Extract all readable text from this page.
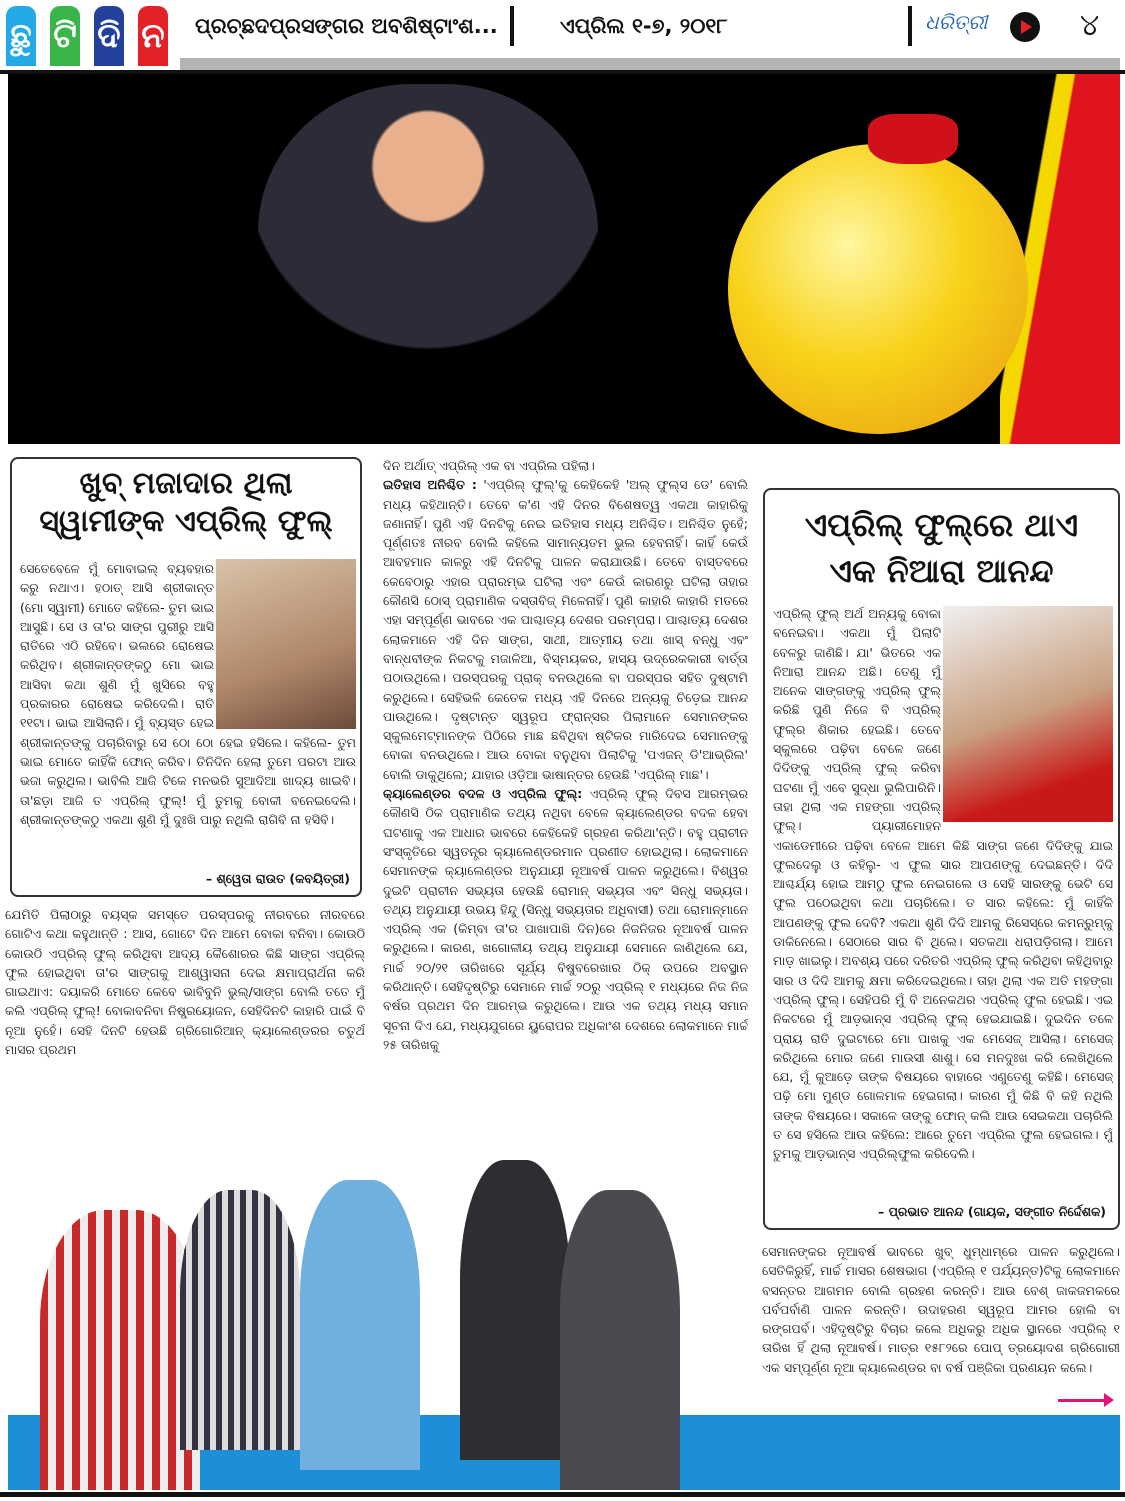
ଛୁ ଟି ଦି ନ ପ୍ରଚ୍ଛଦପ୍ରସଙ୍ଗର ଅବଶିଷ୍ଟାଂଶ...	ଏପ୍ରିଲ ୧-୭, ୨୦୧୮	ଧରିତ୍ରୀ	୪
ଖୁବ୍ ମଜାଦାର ଥିଲା
ସ୍ୱାମୀଙ୍କ ଏପ୍ରିଲ୍ ଫୁଲ୍
ସେତେବେଳେ ମୁଁ ମୋବାଇଲ୍ ବ୍ୟବହାର କରୁ ନଥାଏ। ହଠାତ୍ ଆସି ଶ୍ରୀକାନ୍ତ (ମୋ ସ୍ୱାମୀ) ମୋତେ କହିଲେ- ତୁମ ଭାଇ ଆସୁଛି। ସେ ଓ ତା'ର ସାଙ୍ଗ ପୁରୀରୁ ଆସି ରାତିରେ ଏଠି ରହିବେ। ଭଲରେ ରୋଷେଇ କରିଥିବ। ଶ୍ରୀକାନ୍ତଙ୍କଠୁ ମୋ ଭାଇ ଆସିବା କଥା ଶୁଣି ମୁଁ ଖୁସିରେ ବହୁ ପ୍ରକାରର ରୋଷେଇ କରିଦେଲି। ରାତି ୧୧ଟା। ଭାଇ ଆସିଲାନି। ମୁଁ ବ୍ୟସ୍ତ ହେଇ ଶ୍ରୀକାନ୍ତଙ୍କୁ ପଚାରିବାରୁ ସେ ଠୋ ଠୋ ହେଇ ହସିଲେ। କହିଲେ- ତୁମ ଭାଇ ମୋତେ କାହିଁକି ଫୋନ୍ କରିବ। ତିନିଦିନ ହେଲା ତୁମେ ପରଟା ଆଉ ଭଜା କରୁଥିଲ। ଭାବିଲି ଆଜି ଟିକେ ମନଭରି ସୁଆଦିଆ ଖାଦ୍ୟ ଖାଇବି। ତା'ଛଡ଼ା ଆଜି ତ ଏପ୍ରିଲ୍ ଫୁଲ୍! ମୁଁ ତୁମକୁ ବୋକୀ ବନେଇଦେଲି। ଶ୍ରୀକାନ୍ତଙ୍କଠୁ ଏକଥା ଶୁଣି ମୁଁ ଦୁଃଖି ପାରୁ ନଥିଲି ରାଗିବି ନା ହସିବି।
– ଶ୍ୱେତା ରାଉତ (କବୟିତ୍ରୀ)
ଯେମିତି ପିଲାଠାରୁ ବୟସ୍କ ସମସ୍ତେ ପରସ୍ପରକୁ ନୀରବରେ ନୀରବରେ ଗୋଟିଏ କଥା କହୁଥାନ୍ତି : ଆସ, ଗୋଟେ ଦିନ ଆମେ ବୋକା ବନିବା। କୋଉଠି କୋଉଠି ଏପ୍ରିଲ୍ ଫୁଲ୍ କରିଥିବା ଆଦ୍ୟ କୈଶୋରର କିଛି ସାଙ୍ଗ ଏପ୍ରିଲ୍ ଫୁଲ ହୋଇଥିବା ତା'ର ସାଙ୍ଗକୁ ଆଶ୍ୱାସନା ଦେଇ କ୍ଷମାପ୍ରାର୍ଥନା କରି ଗାଇଥାଏ: ଦୟାକରି ମୋତେ କେବେ ଭାବିବୁନି ଭୁଲ୍/ସାଙ୍ଗ ବୋଲି ତତେ ମୁଁ କଲି ଏପ୍ରିଲ୍ ଫୁଲ୍! ବୋକାବନିବା ନିଷ୍ପ୍ରୟୋଜନ, ସେହିଦିନଟି କାହାରି ପାଇଁ ବି ନୂଆ ନୁହେଁ। ସେହି ଦିନଟି ହେଉଛି ଗ୍ରିଗୋରିଆନ୍ କ୍ୟାଲେଣ୍ଡରର ଚତୁର୍ଥ ମାସର ପ୍ରଥମ
ଦିନ ଅର୍ଥାତ୍ ଏପ୍ରିଲ୍ ଏକ ବା ଏପ୍ରିଲ ପହିଲା।
ଇତିହାସ ଅନିଶ୍ଚିତ : 'ଏପ୍ରିଲ୍ ଫୁଲ୍'କୁ କେହିକେହି 'ଅଲ୍ ଫୁଲ୍ସ ଡେ' ବୋଲି ମଧ୍ୟ କହିଥାନ୍ତି। ତେବେ କ'ଣ ଏହି ଦିନର ବିଶେଷତ୍ୱ ଏକଥା କାହାରିକୁ ଜଣାନାହିଁ। ପୁଣି ଏହି ଦିନଟିକୁ ନେଇ ଇତିହାସ ମଧ୍ୟ ଅନିଶ୍ଚିତ। ଅନିଶ୍ଚିତ ନୁହେଁ; ପୂର୍ଣ୍ଣତଃ ନୀରବ ବୋଲି କହିଲେ ସାମାନ୍ୟତମ ଭୁଲ ହେବନାହିଁ। କାହିଁ କେଉଁ ଆବହମାନ କାଳରୁ ଏହି ଦିନଟିକୁ ପାଳନ କରାଯାଉଛି। ତେବେ ବାସ୍ତବରେ କେବେଠାରୁ ଏହାର ପ୍ରାରମ୍ଭ ଘଟିଲା ଏବଂ କେଉଁ କାରଣରୁ ଘଟିଲା ତାହାର କୌଣସି ଠୋସ୍ ପ୍ରାମାଣିକ ଦସ୍ତାବିଜ୍ ମିଳେନାହିଁ। ପୁଣି କାହାରି କାହାରି ମତରେ ଏହା ସମ୍ପୂର୍ଣ୍ଣ ଭାବରେ ଏକ ପାଶ୍ଚାତ୍ୟ ଦେଶର ପରମ୍ପରା। ପାଶ୍ଚାତ୍ୟ ଦେଶର ଲୋକମାନେ ଏହି ଦିନ ସାଙ୍ଗ, ସାଥୀ, ଆତ୍ମୀୟ ତଥା ଖାସ୍ ବନ୍ଧୁ ଏବଂ ବାନ୍ଧବୀଙ୍କ ନିକଟକୁ ମଜାଳିଆ, ବିସ୍ମୟକର, ହାସ୍ୟ ଉଦ୍ରେକକାରୀ ବାର୍ତ୍ତା ପଠାଉଥିଲେ। ପରସ୍ପରକୁ ପ୍ରାକ୍ ବନଉଥିଲେ ବା ପରସ୍ପର ସହିତ ଦୁଷ୍ଟାମି କରୁଥିଲେ। ସେହିଭଳି କେତେକ ମଧ୍ୟ ଏହି ଦିନରେ ଅନ୍ୟକୁ ଚିଡ଼େଇ ଆନନ୍ଦ ପାଉଥିଲେ। ଦୃଷ୍ଟାନ୍ତ ସ୍ୱରୂପ ଫ୍ରାନ୍ସର ପିଲାମାନେ ସେମାନଙ୍କର ସ୍କୁଲମେଟ୍ମାନଙ୍କ ପିଠିରେ ମାଛ ଛବିଥିବା ଷ୍ଟିକର ମାରିଦେଇ ସେମାନଙ୍କୁ ବୋକା ବନଉଥିଲେ। ଆଉ ବୋକା ବନୁଥିବା ପିଲାଟିକୁ 'ପଏଜନ୍ ଡି'ଆଭ୍ରିଲ' ବୋଲି ଡାକୁଥିଲେ; ଯାହାର ଓଡ଼ିଆ ଭାଷାନ୍ତର ହେଉଛି 'ଏପ୍ରିଲ୍ ମାଛ'।
କ୍ୟାଲେଣ୍ଡର ବଦଳ ଓ ଏପ୍ରିଲ ଫୁଲ୍: ଏପ୍ରିଲ୍ ଫୁଲ୍ ଦିବସ ଆରମ୍ଭର କୌଣସି ଠିକ ପ୍ରାମାଣିକ ତଥ୍ୟ ନଥିବା ବେଳେ କ୍ୟାଲେଣ୍ଡର ବଦଳ ହେବା ଘଟଣାକୁ ଏକ ଆଧାର ଭାବରେ କେହିକେହି ଗ୍ରହଣ କରିଥା'ନ୍ତି। ବହୁ ପ୍ରାଚୀନ ସଂସ୍କୃତିରେ ସ୍ୱତନ୍ତ୍ର କ୍ୟାଲେଣ୍ଡରମାନ ପ୍ରଣୀତ ହୋଇଥିଲା। ଲୋକମାନେ ସେମାନଙ୍କ କ୍ୟାଲେଣ୍ଡର ଅନୁଯାୟୀ ନୂଆବର୍ଷ ପାଳନ କରୁଥିଲେ। ବିଶ୍ୱର ଦୁଇଟି ପ୍ରାଚୀନ ସଭ୍ୟତା ହେଉଛି ରୋମାନ୍ ସଭ୍ୟତା ଏବଂ ସିନ୍ଧୁ ସଭ୍ୟତା। ତଥ୍ୟ ଅନୁଯାୟୀ ଉଭୟ ହିନ୍ଦୁ (ସିନ୍ଧୁ ସଭ୍ୟତାର ଅଧିବାସୀ) ତଥା ରୋମାନ୍ମାନେ ଏପ୍ରିଲ୍ ଏକ (କିମ୍ବା ତା'ର ପାଖାପାଖି ଦିନ)ରେ ନିଜନିଜର ନୂଆବର୍ଷ ପାଳନ କରୁଥିଲେ। କାରଣ, ଖଗୋଳୀୟ ତଥ୍ୟ ଅନୁଯାୟୀ ସେମାନେ ଜାଣିଥିଲେ ଯେ, ମାର୍ଚ୍ଚ ୨୦/୨୧ ତାରିଖରେ ସୂର୍ଯ୍ୟ ବିଷୁବରେଖାର ଠିକ୍ ଉପରେ ଅବସ୍ଥାନ କରିଥାନ୍ତି। ସେହିଦୃଷ୍ଟିରୁ ସେମାନେ ମାର୍ଚ୍ଚ ୨୦ରୁ ଏପ୍ରିଲ୍ ୧ ମଧ୍ୟରେ ନିଜ ନିଜ ବର୍ଷର ପ୍ରଥମ ଦିନ ଆରମ୍ଭ କରୁଥିଲେ। ଆଉ ଏକ ତଥ୍ୟ ମଧ୍ୟ ସମାନ ସୂଚନା ଦିଏ ଯେ, ମଧ୍ୟଯୁଗରେ ୟୁରୋପର ଅଧିକାଂଶ ଦେଶରେ ଲୋକମାନେ ମାର୍ଚ୍ଚ ୨୫ ତାରିଖକୁ
ଏପ୍ରିଲ୍ ଫୁଲ୍‌ରେ ଥାଏ
ଏକ ନିଆରା ଆନନ୍ଦ
ଏପ୍ରିଲ୍ ଫୁଲ୍ ଅର୍ଥ ଅନ୍ୟକୁ ବୋକା ବନେଇବା। ଏକଥା ମୁଁ ପିଲାଟି ବେଳରୁ ଜାଣିଛି। ଯା' ଭିତରେ ଏକ ନିଆରା ଆନନ୍ଦ ଅଛି। ତେଣୁ ମୁଁ ଅନେକ ସାଙ୍ଗଙ୍କୁ ଏପ୍ରିଲ୍ ଫୁଲ୍ କରିଛି ପୁଣି ନିଜେ ବି ଏପ୍ରିଲ୍ ଫୁଲ୍‌ର ଶିକାର ହେଇଛି। ତେବେ ସ୍କୁଲରେ ପଢ଼ିବା ବେଳେ ଜଣେ ଦିଦିଙ୍କୁ ଏପ୍ରିଲ୍ ଫୁଲ୍ କରିବା ଘଟଣା ମୁଁ ଏବେ ସୁଦ୍ଧା ଭୁଲିପାରିନି। ତାହା ଥିଲା ଏକ ମହଙ୍ଗା ଏପ୍ରିଲ୍ ଫୁଲ୍। ପ୍ୟାରୀମୋହନ ଏକାଡେମୀରେ ପଢ଼ିବା ବେଳେ ଆମେ କିଛି ସାଙ୍ଗ ଜଣେ ଦିଦିଙ୍କୁ ଯାଇ ଫୁଲଦେଲୁ ଓ କହିଲୁ- ଏ ଫୁଲ ସାର ଆପଣଙ୍କୁ ଦେଇଛନ୍ତି। ଦିଦି ଆଶ୍ଚର୍ଯ୍ୟ ହୋଇ ଆମଠୁ ଫୁଲ ନେଇଗଲେ ଓ ସେହି ସାରଙ୍କୁ ଭେଟି ସେ ଫୁଲ ପଠେଇଥିବା କଥା ପଚାରିଲେ। ତ ସାର କହିଲେ: ମୁଁ କାହିଁକି ଆପଣଙ୍କୁ ଫୁଲ ଦେବି? ଏକଥା ଶୁଣି ଦିଦି ଆମକୁ ରିସେସ୍‌ରେ କମନ୍‌ରୁମ୍‌କୁ ଡାକିନେଲେ। ସେଠାରେ ସାର ବି ଥିଲେ। ସତକଥା ଧରାପଡ଼ିଗଲା। ଆମେ ମାଡ଼ ଖାଇଲୁ। ଅବଶ୍ୟ ପରେ ଦରିତରି ଏପ୍ରିଲ୍ ଫୁଲ୍ କରିଥିବା କହିଥିବାରୁ ସାର ଓ ଦିଦି ଆମକୁ କ୍ଷମା କରିଦେଇଥିଲେ। ତାହା ଥିଲା ଏକ ଅତି ମହଙ୍ଗା ଏପ୍ରିଲ୍ ଫୁଲ୍। ସେହିପରି ମୁଁ ବି ଅନେକଥର ଏପ୍ରିଲ୍ ଫୁଲ ହେଇଛି। ଏଇ ନିକଟରେ ମୁଁ ଆଡ଼ଭାନ୍ସ ଏପ୍ରିଲ୍ ଫୁଲ୍ ହେଇଯାଇଛି। ଦୁଇଦିନ ତଳେ ପ୍ରାୟ ରାତି ଦୁଇଟାରେ ମୋ ପାଖକୁ ଏକ ମେସେଜ୍ ଆସିଲା। ମେସେଜ୍ କରିଥିଲେ ମୋର ଜଣେ ମାଉସୀ ଶାଶୁ। ସେ ମନଦୁଃଖ କରି ଲେଖିଥିଲେ ଯେ, ମୁଁ କୁଆଡ଼େ ତାଙ୍କ ବିଷୟରେ ବାହାରେ ଏଣୁତେଣୁ କହିଛି। ମେସେଜ୍ ପଢ଼ି ମୋ ମୁଣ୍ଡ ଗୋଳମାଳ ହେଇଗଲା। କାରଣ ମୁଁ କିଛି ବି କହି ନଥିଲି ତାଙ୍କ ବିଷୟରେ। ସକାଳେ ତାଙ୍କୁ ଫୋନ୍ କଲି ଆଉ ସେଇକଥା ପଚାରିଲି ତ ସେ ହସିଲେ ଆଉ କହିଲେ: ଆରେ ତୁମେ ଏପ୍ରିଲ ଫୁଲ ହେଇଗଲ। ମୁଁ ତୁମକୁ ଆଡ଼ଭାନ୍ସ ଏପ୍ରିଲ୍‌ଫୁଲ କରିଦେଲି।
– ପ୍ରଭାତ ଆନନ୍ଦ (ଗାୟକ, ସଙ୍ଗୀତ ନିର୍ଦ୍ଦେଶକ)
ସେମାନଙ୍କର ନୂଆବର୍ଷ ଭାବରେ ଖୁବ୍ ଧୁମ୍‌ଧାମ୍‌ରେ ପାଳନ କରୁଥିଲେ। ସେତିକିରୁହିଁ, ମାର୍ଚ୍ଚ ମାସର ଶେଷଭାଗ (ଏପ୍ରିଲ୍ ୧ ପର୍ଯ୍ୟନ୍ତ)ଟିକୁ ଲୋକମାନେ ବସନ୍ତର ଆଗମନ ବୋଲି ଗ୍ରହଣ କରନ୍ତି। ଆଉ ବେଶ୍ ଜାକଜମକରେ ପର୍ବପର୍ବାଣି ପାଳନ କରନ୍ତି। ଉଦାହରଣ ସ୍ୱରୂପ ଆମର ହୋଲି ବା ରଙ୍ଗପର୍ବ। ଏହିଦୃଷ୍ଟିରୁ ବିଚାର କଲେ ଅଧିକରୁ ଅଧିକ ସ୍ଥାନରେ ଏପ୍ରିଲ୍ ୧ ତାରିଖ ହିଁ ଥିଲା ନୂଆବର୍ଷ। ମାତ୍ର ୧୫୮୨ରେ ପୋପ୍ ତ୍ରୟୋଦଶ ଗ୍ରିଗୋରୀ ଏକ ସମ୍ପୂର୍ଣ୍ଣ ନୂଆ କ୍ୟାଲେଣ୍ଡର ବା ବର୍ଷ ପଞ୍ଜିକା ପ୍ରଣୟନ କଲେ।
